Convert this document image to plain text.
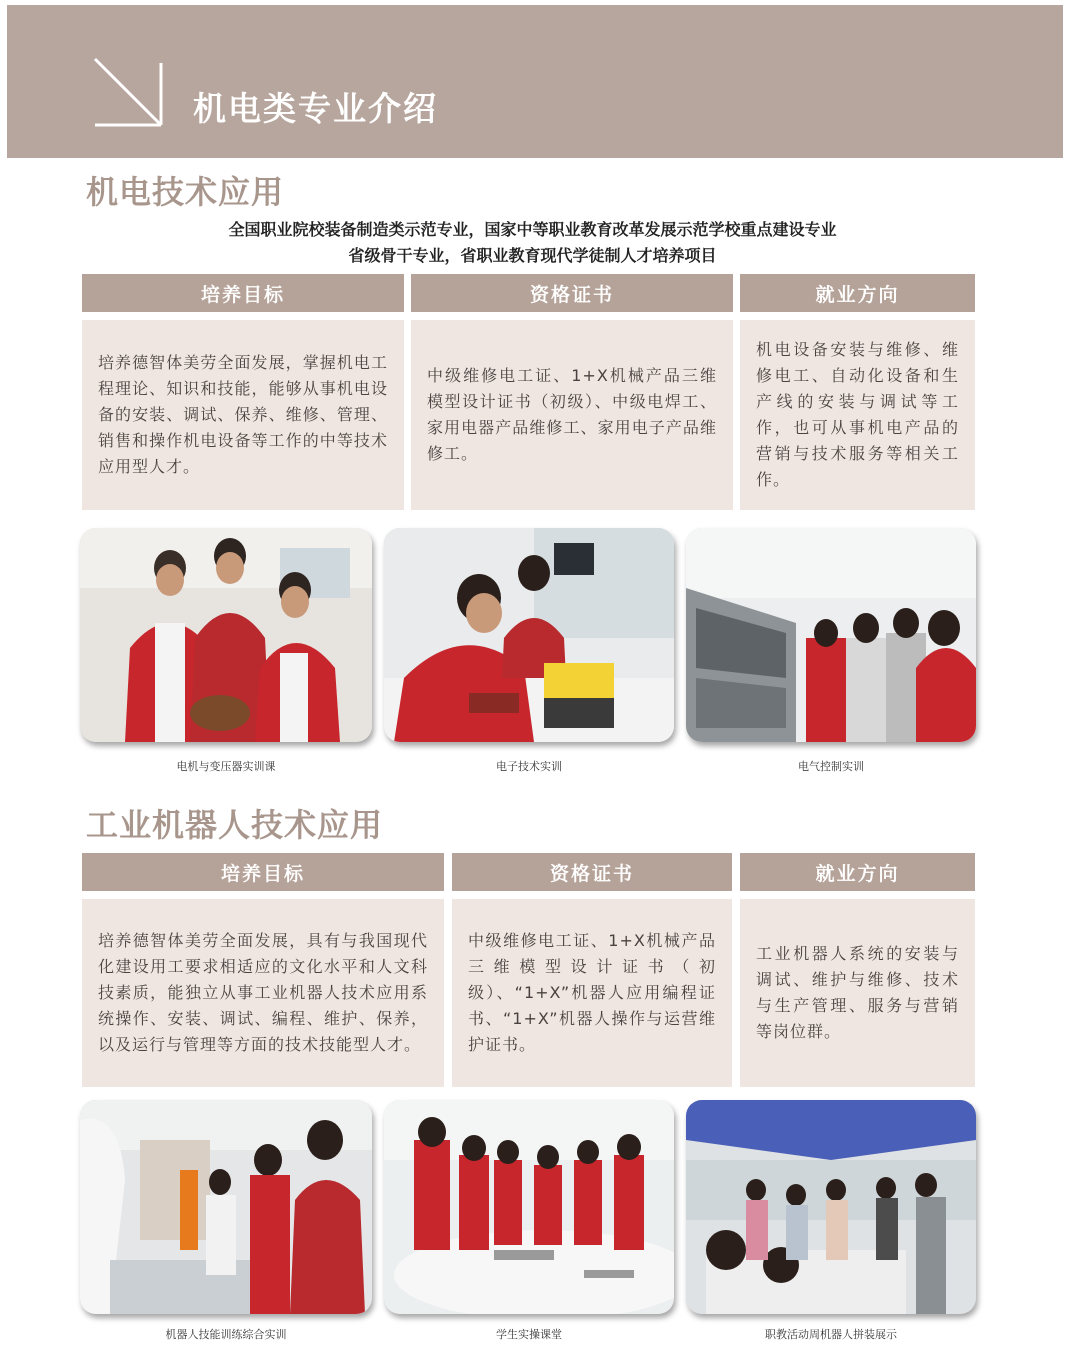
机电类专业介绍
机电技术应用
全国职业院校装备制造类示范专业，国家中等职业教育改革发展示范学校重点建设专业
省级骨干专业，省职业教育现代学徒制人才培养项目
培养目标	资格证书	就业方向
培养德智体美劳全面发展，掌握机电工程理论、知识和技能，能够从事机电设备的安装、调试、保养、维修、管理、销售和操作机电设备等工作的中等技术应用型人才。
中级维修电工证、1+X机械产品三维模型设计证书（初级）、中级电焊工、家用电器产品维修工、家用电子产品维修工。
机电设备安装与维修、维修电工、自动化设备和生产线的安装与调试等工作，也可从事机电产品的营销与技术服务等相关工作。
电机与变压器实训课	电子技术实训	电气控制实训
工业机器人技术应用
培养目标	资格证书	就业方向
培养德智体美劳全面发展，具有与我国现代化建设用工要求相适应的文化水平和人文科技素质，能独立从事工业机器人技术应用系统操作、安装、调试、编程、维护、保养，以及运行与管理等方面的技术技能型人才。
中级维修电工证、1+X机械产品三维模型设计证书（初级）、“1+X”机器人应用编程证书、“1+X”机器人操作与运营维护证书。
工业机器人系统的安装与调试、维护与维修、技术与生产管理、服务与营销等岗位群。
机器人技能训练综合实训	学生实操课堂	职教活动周机器人拼装展示
